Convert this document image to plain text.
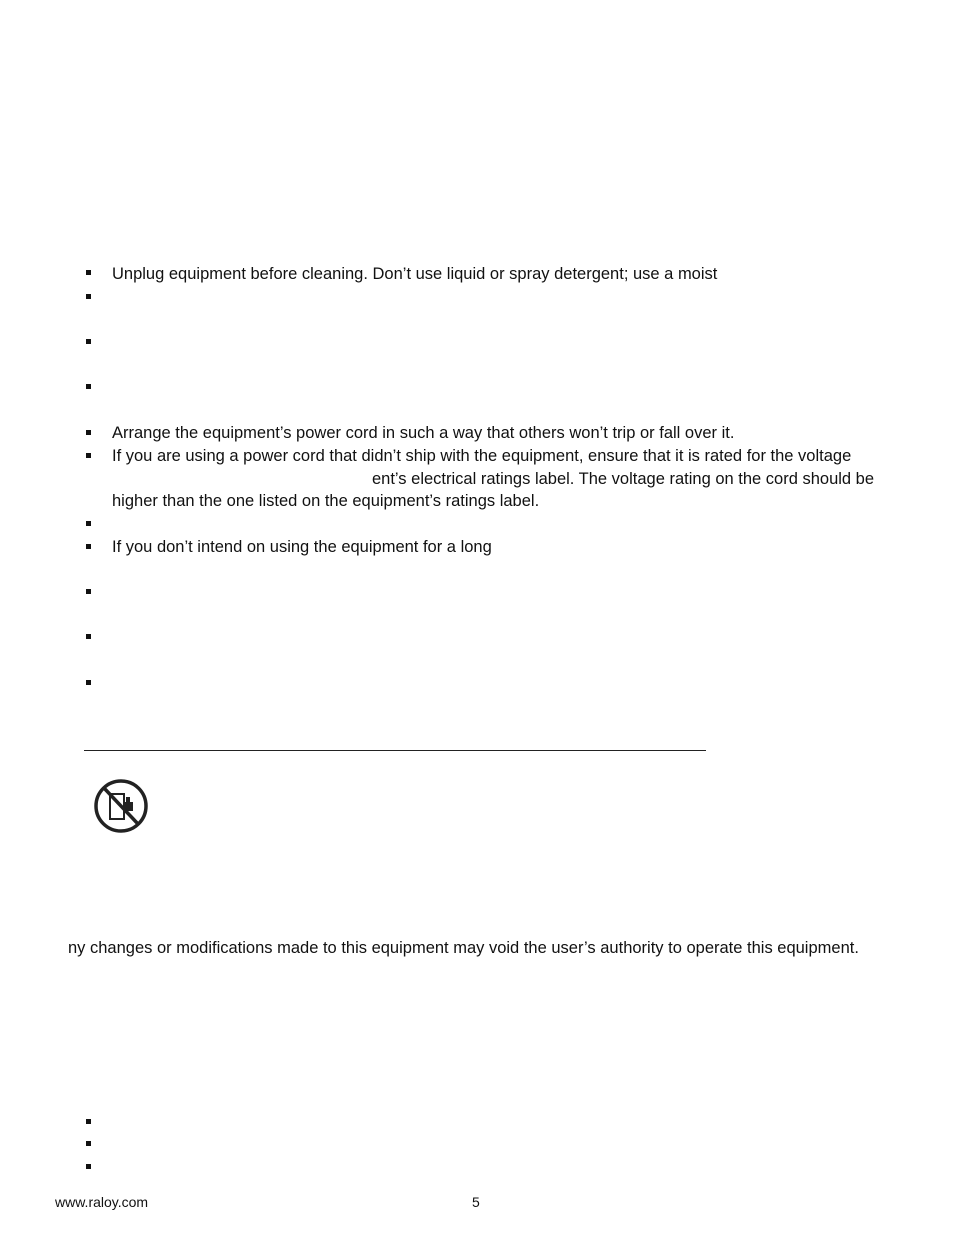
Unplug equipment before cleaning. Don’t use liquid or spray detergent; use a moist
Arrange the equipment’s power cord in such a way that others won’t trip or fall over it.
If you are using a power cord that didn’t ship with the equipment, ensure that it is rated for the voltage
ent’s electrical ratings label. The voltage rating on the cord should be
higher than the one listed on the equipment’s ratings label.
If you don’t intend on using the equipment for a long
ny changes or modifications made to this equipment may void the user’s authority to operate this equipment.
www.raloy.com	5
